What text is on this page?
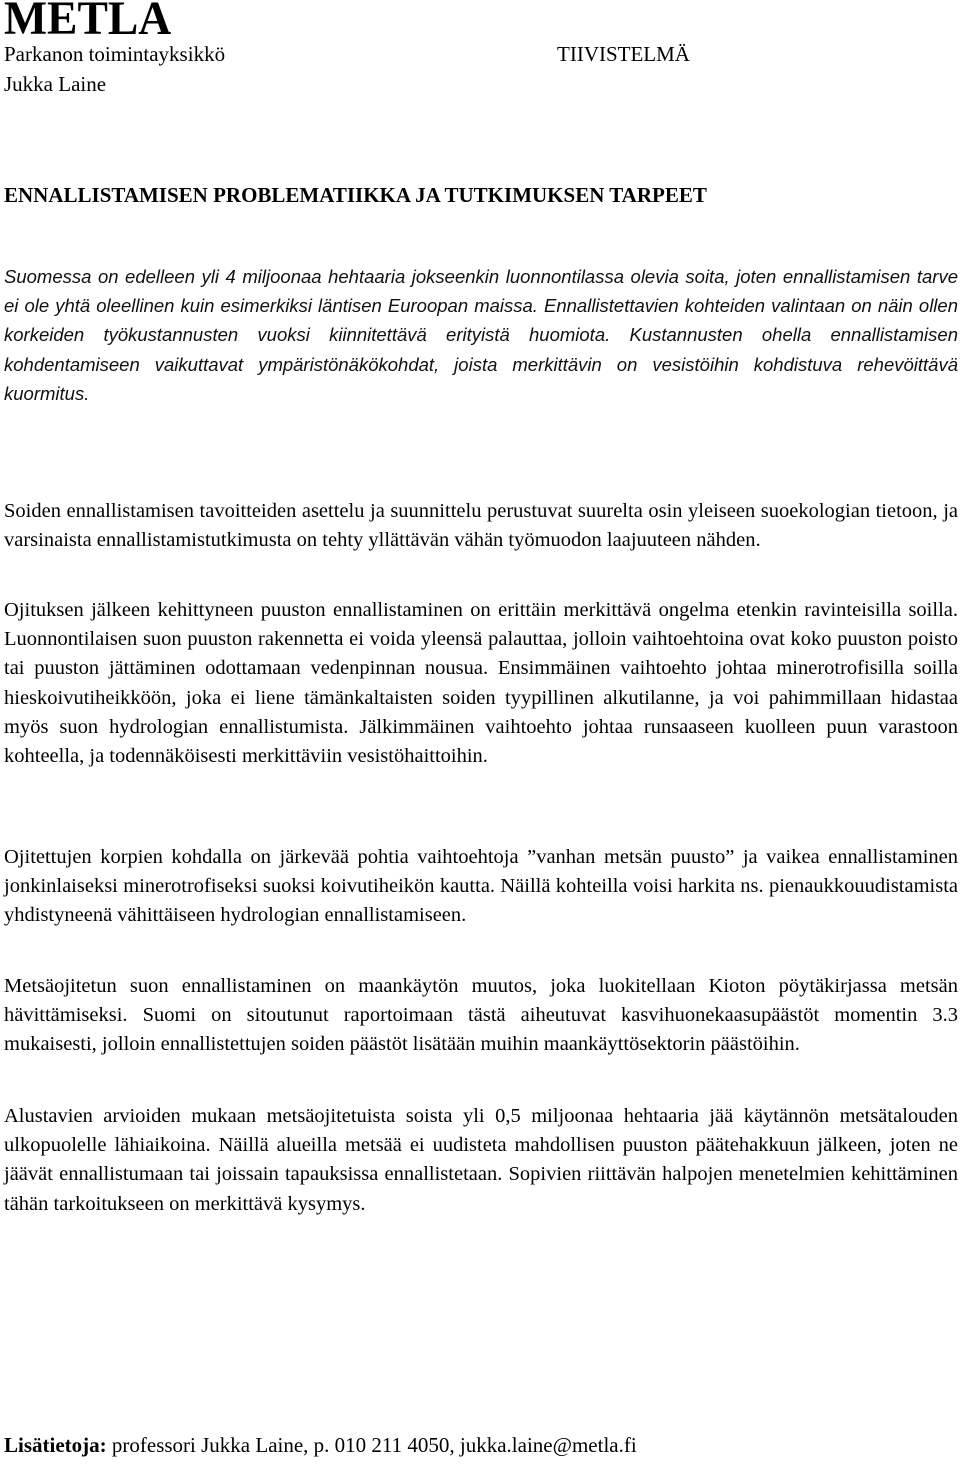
METLA
Parkanon toimintayksikkö
Jukka Laine
TIIVISTELMÄ
ENNALLISTAMISEN PROBLEMATIIKKA JA TUTKIMUKSEN TARPEET

Suomessa on edelleen yli 4 miljoonaa hehtaaria jokseenkin luonnontilassa olevia soita, joten ennallistamisen tarve ei ole yhtä oleellinen kuin esimerkiksi läntisen Euroopan maissa. Ennallistettavien kohteiden valintaan on näin ollen korkeiden työkustannusten vuoksi kiinnitettävä erityistä huomiota. Kustannusten ohella ennallistamisen kohdentamiseen vaikuttavat ympäristönäkökohdat, joista merkittävin on vesistöihin kohdistuva rehevöittävä kuormitus.

Soiden ennallistamisen tavoitteiden asettelu ja suunnittelu perustuvat suurelta osin yleiseen suoekologian tietoon, ja varsinaista ennallistamistutkimusta on tehty yllättävän vähän työmuodon laajuuteen nähden.

Ojituksen jälkeen kehittyneen puuston ennallistaminen on erittäin merkittävä ongelma etenkin ravinteisilla soilla. Luonnontilaisen suon puuston rakennetta ei voida yleensä palauttaa, jolloin vaihtoehtoina ovat koko puuston poisto tai puuston jättäminen odottamaan vedenpinnan nousua. Ensimmäinen vaihtoehto johtaa minerotrofisilla soilla hieskoivutiheikköön, joka ei liene tämänkaltaisten soiden tyypillinen alkutilanne, ja voi pahimmillaan hidastaa myös suon hydrologian ennallistumista. Jälkimmäinen vaihtoehto johtaa runsaaseen kuolleen puun varastoon kohteella, ja todennäköisesti merkittäviin vesistöhaittoihin.

Ojitettujen korpien kohdalla on järkevää pohtia vaihtoehtoja ”vanhan metsän puusto” ja vaikea ennallistaminen jonkinlaiseksi minerotrofiseksi suoksi koivutiheikön kautta. Näillä kohteilla voisi harkita ns. pienaukkouudistamista yhdistyneenä vähittäiseen hydrologian ennallistamiseen.

Metsäojitetun suon ennallistaminen on maankäytön muutos, joka luokitellaan Kioton pöytäkirjassa metsän hävittämiseksi. Suomi on sitoutunut raportoimaan tästä aiheutuvat kasvihuonekaasupäästöt momentin 3.3 mukaisesti, jolloin ennallistettujen soiden päästöt lisätään muihin maankäyttösektorin päästöihin.

Alustavien arvioiden mukaan metsäojitetuista soista yli 0,5 miljoonaa hehtaaria jää käytännön metsätalouden ulkopuolelle lähiaikoina. Näillä alueilla metsää ei uudisteta mahdollisen puuston päätehakkuun jälkeen, joten ne jäävät ennallistumaan tai joissain tapauksissa ennallistetaan. Sopivien riittävän halpojen menetelmien kehittäminen tähän tarkoitukseen on merkittävä kysymys.

Lisätietoja: professori Jukka Laine, p. 010 211 4050, jukka.laine@metla.fi
